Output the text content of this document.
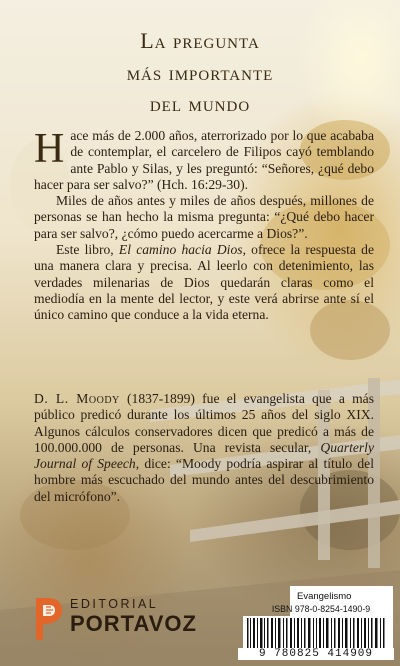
La pregunta
más importante
del mundo

Hace más de 2.000 años, aterrorizado por lo que acababa de contemplar, el carcelero de Filipos cayó temblando ante Pablo y Silas, y les preguntó: “Señores, ¿qué debo hacer para ser salvo?” (Hch. 16:29-30).

Miles de años antes y miles de años después, millones de personas se han hecho la misma pregunta: “¿Qué debo hacer para ser salvo?, ¿cómo puedo acercarme a Dios?”.

Este libro, El camino hacia Dios, ofrece la respuesta de una manera clara y precisa. Al leerlo con detenimiento, las verdades milenarias de Dios quedarán claras como el mediodía en la mente del lector, y este verá abrirse ante sí el único camino que conduce a la vida eterna.

D. L. Moody (1837-1899) fue el evangelista que a más público predicó durante los últimos 25 años del siglo XIX. Algunos cálculos conservadores dicen que predicó a más de 100.000.000 de personas. Una revista secular, Quarterly Journal of Speech, dice: “Moody podría aspirar al título del hombre más escuchado del mundo antes del descubrimiento del micrófono”.

Evangelismo
ISBN 978-0-8254-1490-9
9 780825 414909
EDITORIAL
PORTAVOZ
